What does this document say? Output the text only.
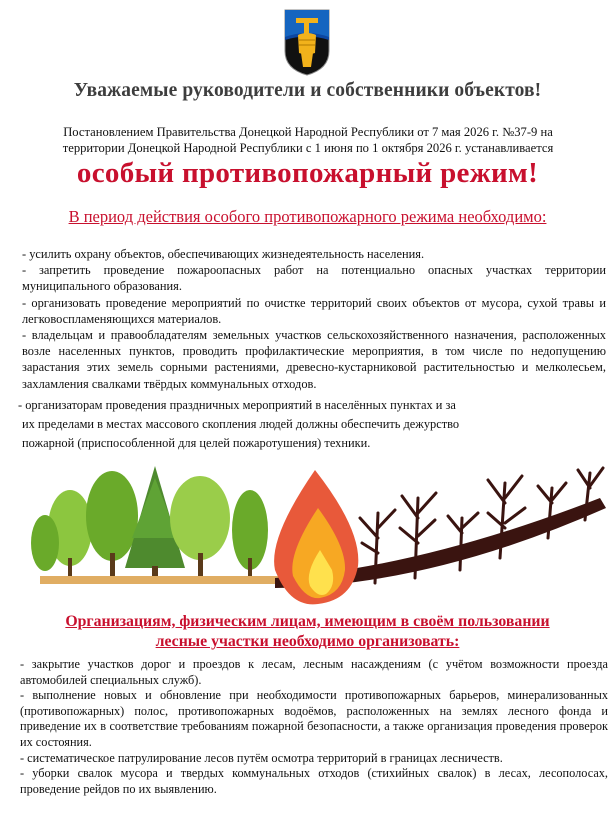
Уважаемые руководители и собственники объектов!
Постановлением Правительства Донецкой Народной Республики от 7 мая 2026 г. №37-9 на
территории Донецкой Народной Республики с 1 июня по 1 октября 2026 г. устанавливается
особый противопожарный режим!
В период действия особого противопожарного режима необходимо:

- усилить охрану объектов, обеспечивающих жизнедеятельность населения.

- запретить проведение пожароопасных работ на потенциально опасных участках территории муниципального образования.

- организовать проведение мероприятий по очистке территорий своих объектов от мусора, сухой травы и легковоспламеняющихся материалов.

- владельцам и правообладателям земельных участков сельскохозяйственного назначения, расположенных возле населенных пунктов, проводить профилактические мероприятия, в том числе по недопущению зарастания этих земель сорными растениями, древесно-кустарниковой растительностью и мелколесьем, захламления свалками твёрдых коммунальных отходов.

- организаторам проведения праздничных мероприятий в населённых пунктах и за

их пределами в местах массового скопления людей должны обеспечить дежурство

пожарной (приспособленной для целей пожаротушения) техники.

Организациям, физическим лицам, имеющим в своём пользовании
лесные участки необходимо организовать:

- закрытие участков дорог и проездов к лесам, лесным насаждениям (с учётом возможности проезда автомобилей специальных служб).

- выполнение новых и обновление при необходимости противопожарных барьеров, минерализованных (противопожарных) полос, противопожарных водоёмов, расположенных на землях лесного фонда и приведение их в соответствие требованиям пожарной безопасности, а также организация проведения проверок их состояния.

- систематическое патрулирование лесов путём осмотра территорий в границах лесничеств.

- уборки свалок мусора и твердых коммунальных отходов (стихийных свалок) в лесах, лесополосах, проведение рейдов по их выявлению.
